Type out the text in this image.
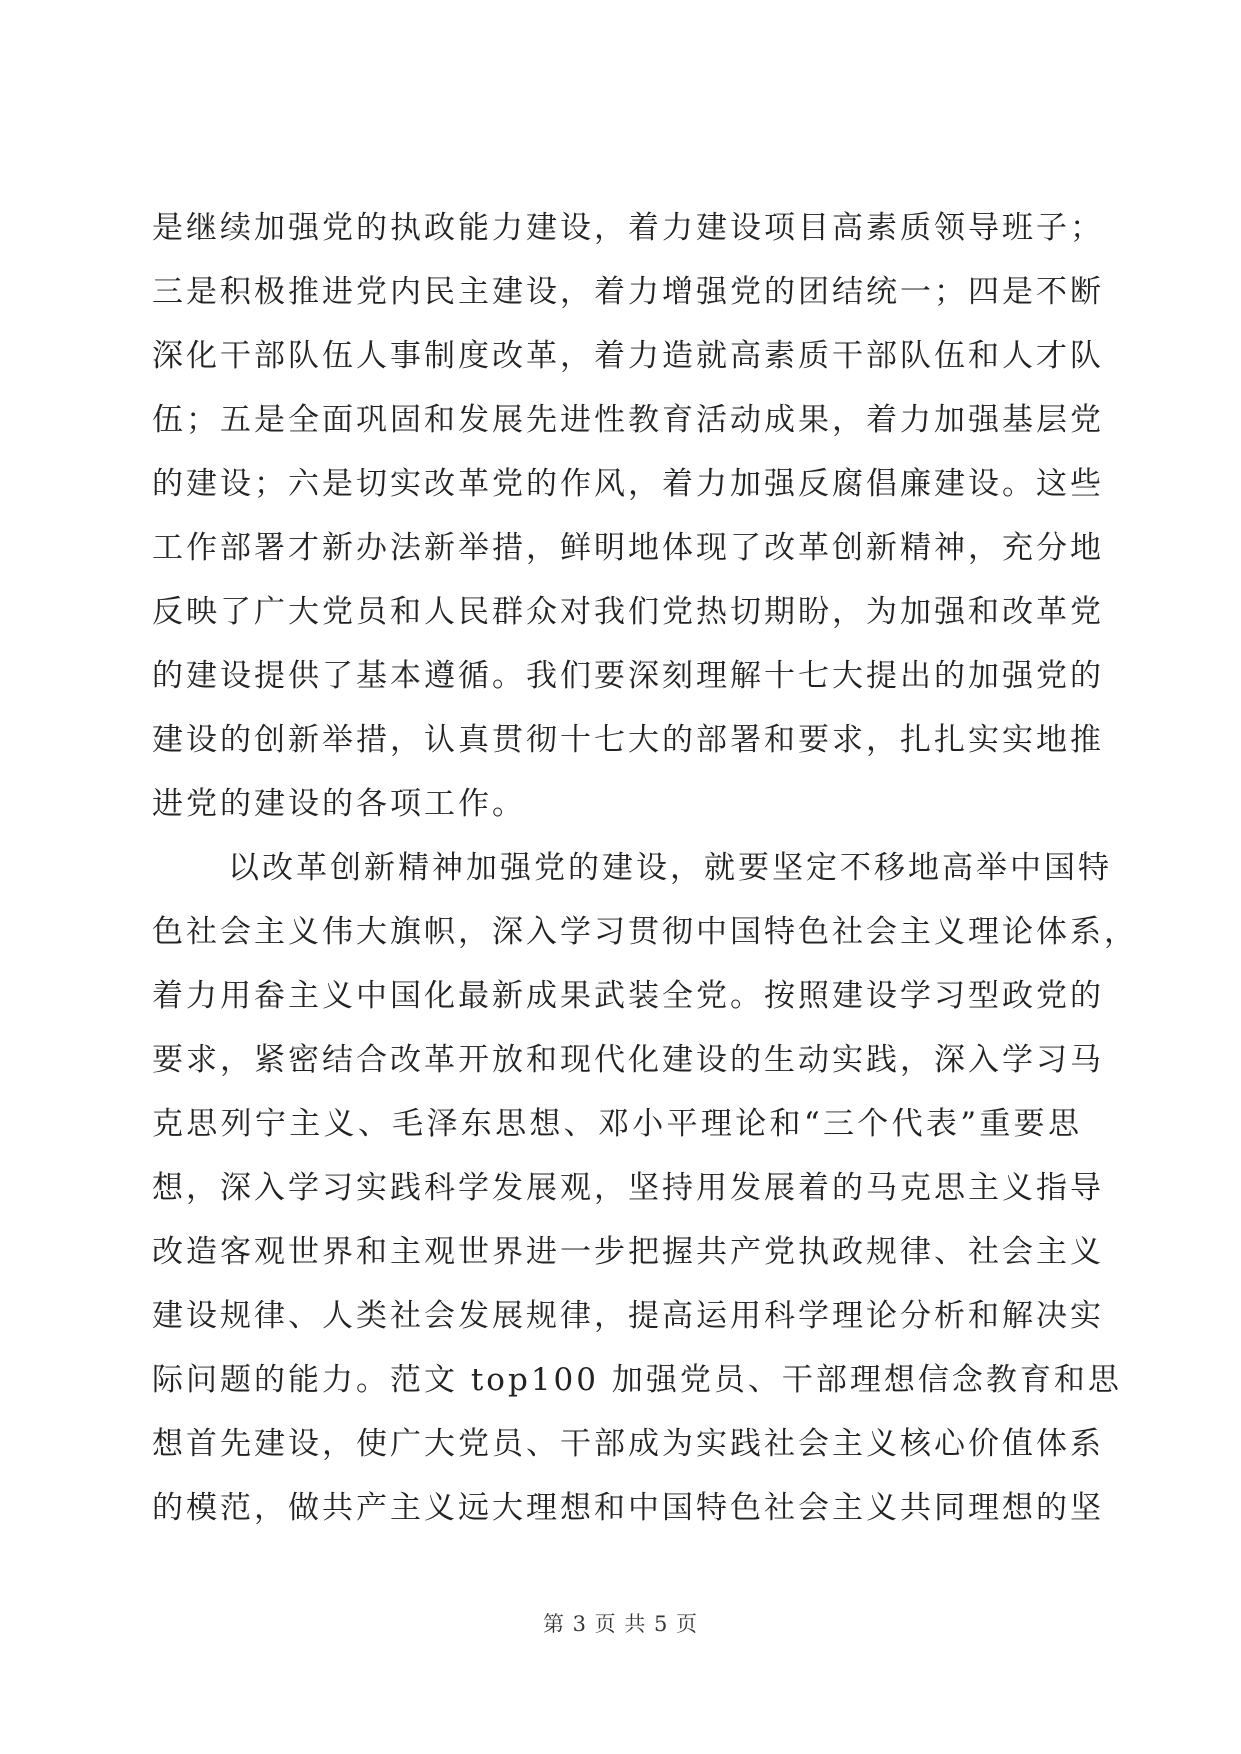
是继续加强党的执政能力建设，着力建设项目高素质领导班子；
三是积极推进党内民主建设，着力增强党的团结统一；四是不断
深化干部队伍人事制度改革，着力造就高素质干部队伍和人才队
伍；五是全面巩固和发展先进性教育活动成果，着力加强基层党
的建设；六是切实改革党的作风，着力加强反腐倡廉建设。这些
工作部署才新办法新举措，鲜明地体现了改革创新精神，充分地
反映了广大党员和人民群众对我们党热切期盼，为加强和改革党
的建设提供了基本遵循。我们要深刻理解十七大提出的加强党的
建设的创新举措，认真贯彻十七大的部署和要求，扎扎实实地推
进党的建设的各项工作。
以改革创新精神加强党的建设，就要坚定不移地高举中国特
色社会主义伟大旗帜，深入学习贯彻中国特色社会主义理论体系，
着力用畚主义中国化最新成果武装全党。按照建设学习型政党的
要求，紧密结合改革开放和现代化建设的生动实践，深入学习马
克思列宁主义、毛泽东思想、邓小平理论和“三个代表”重要思
想，深入学习实践科学发展观，坚持用发展着的马克思主义指导
改造客观世界和主观世界进一步把握共产党执政规律、社会主义
建设规律、人类社会发展规律，提高运用科学理论分析和解决实
际问题的能力。范文 top100 加强党员、干部理想信念教育和思
想首先建设，使广大党员、干部成为实践社会主义核心价值体系
的模范，做共产主义远大理想和中国特色社会主义共同理想的坚
第 3 页 共 5 页
